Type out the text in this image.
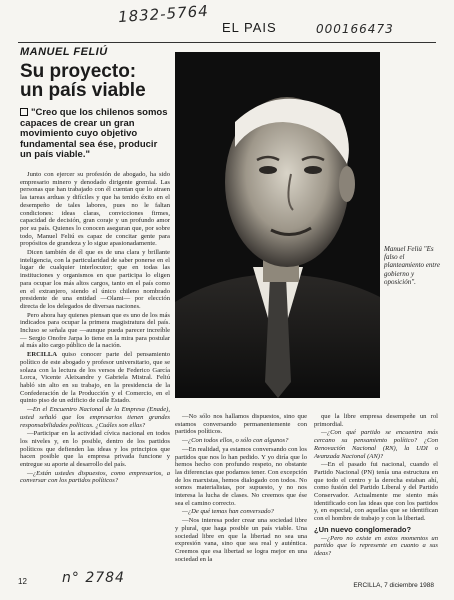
1832-5764
000166473
EL PAIS
MANUEL FELIÚ
Su proyecto:
un país viable
"Creo que los chilenos somos capaces de crear un gran movimiento cuyo objetivo fundamental sea ése, producir un país viable."

Junto con ejercer su profesión de abogado, ha sido empresario minero y denodado dirigente gremial. Las personas que han trabajado con él cuentan que lo atraen las tareas arduas y difíciles y que ha tenido éxito en el desempeño de tales labores, pues no le faltan condiciones: ideas claras, convicciones firmes, capacidad de decisión, gran coraje y un profundo amor por su país. Quienes lo conocen aseguran que, por sobre todo, Manuel Feliú es capaz de concitar gente para propósitos de grandeza y lo sigue apasionadamente.

Dicen también de él que es de una clara y brillante inteligencia, con la particularidad de saber ponerse en el lugar de cualquier interlocutor; que en todas las instituciones y organismos en que participa lo eligen para ocupar los más altos cargos, tanto en el país como en el extranjero, siendo el único chileno nombrado presidente de una entidad —Olami— por elección directa de los delegados de diversas naciones.

Pero ahora hay quienes piensan que es uno de los más indicados para ocupar la primera magistratura del país. Incluso se señala que —aunque pueda parecer increíble— Sergio Onofre Jarpa lo tiene en la mira para postular al más alto cargo público de la nación.

ERCILLA quiso conocer parte del pensamiento político de este abogado y profesor universitario, que se solaza con la lectura de los versos de Federico García Lorca, Vicente Aleixandre y Gabriela Mistral. Feliú habló sin alto en su trabajo, en la presidencia de la Confederación de la Producción y el Comercio, en el quinto piso de un edificio de calle Estado.

—En el Encuentro Nacional de la Empresa (Enade), usted señaló que los empresarios tienen grandes responsabilidades políticas. ¿Cuáles son ellas?

—Participar en la actividad cívica nacional en todos los niveles y, en lo posible, dentro de los partidos políticos que defienden las ideas y los principios que hacen posible que la empresa privada funcione y entregue su aporte al desarrollo del país.

—¿Están ustedes dispuestos, como empresarios, a conversar con los partidos políticos?

Manuel Feliú "Es falso el planteamiento entre gobierno y oposición".

—No sólo nos hallamos dispuestos, sino que estamos conversando permanentemente con partidos políticos.

—¿Con todos ellos, o sólo con algunos?

—En realidad, ya estamos conversando con los partidos que nos lo han pedido. Y yo diría que lo hemos hecho con profundo respeto, no obstante las diferencias que podamos tener. Con excepción de los marxistas, hemos dialogado con todos. No somos materialistas, por supuesto, y no nos interesa la lucha de clases. No creemos que ése sea el camino correcto.

—¿De qué temas han conversado?

—Nos interesa poder crear una sociedad libre y plural, que haga posible un país viable. Una sociedad libre en que la libertad no sea una expresión vana, sino que sea real y auténtica. Creemos que esa libertad se logra mejor en una sociedad en la

que la libre empresa desempeñe un rol primordial.

—¿Con qué partido se encuentra más cercano su pensamiento político? ¿Con Renovación Nacional (RN), la UDI o Avanzada Nacional (AN)?

—En el pasado fui nacional, cuando el Partido Nacional (PN) tenía una estructura en que todo el centro y la derecha estaban ahí, como fusión del Partido Liberal y del Partido Conservador. Actualmente me siento más identificado con las ideas que con los partidos y, en especial, con aquellas que se identifican con el hombre de trabajo y con la libertad.

¿Un nuevo conglomerado?

—¿Pero no existe en estos momentos un partido que lo represente en cuanto a sus ideas?

12	n° 2784	ERCILLA, 7 diciembre 1988
